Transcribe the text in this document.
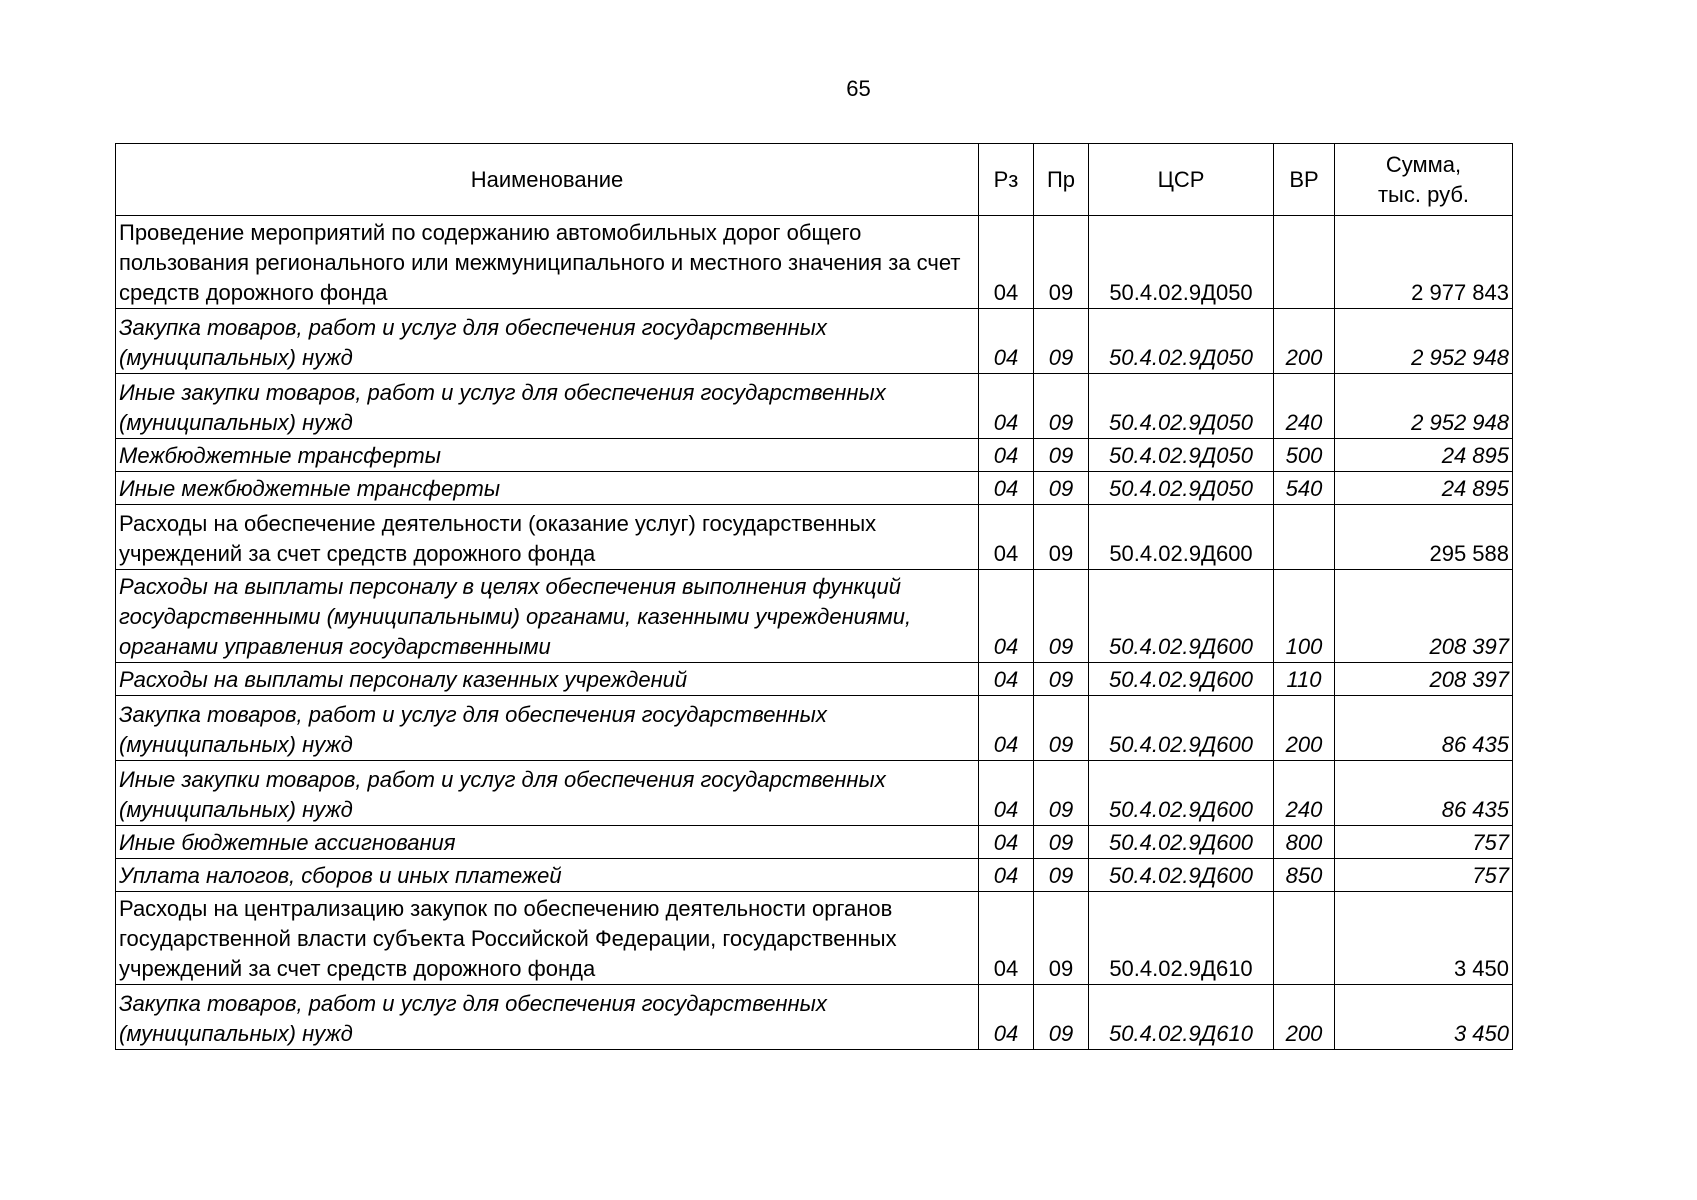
65
Наименование	Рз	Пр	ЦСР	ВР	Сумма,
тыс. руб.
Проведение мероприятий по содержанию автомобильных дорог общего пользования регионального или межмуниципального и местного значения за счет средств дорожного фонда	04	09	50.4.02.9Д050		2 977 843
Закупка товаров, работ и услуг для обеспечения государственных (муниципальных) нужд	04	09	50.4.02.9Д050	200	2 952 948
Иные закупки товаров, работ и услуг для обеспечения государственных (муниципальных) нужд	04	09	50.4.02.9Д050	240	2 952 948
Межбюджетные трансферты	04	09	50.4.02.9Д050	500	24 895
Иные межбюджетные трансферты	04	09	50.4.02.9Д050	540	24 895
Расходы на обеспечение деятельности (оказание услуг) государственных учреждений за счет средств дорожного фонда	04	09	50.4.02.9Д600		295 588
Расходы на выплаты персоналу в целях обеспечения выполнения функций государственными (муниципальными) органами, казенными учреждениями, органами управления государственными	04	09	50.4.02.9Д600	100	208 397
Расходы на выплаты персоналу казенных учреждений	04	09	50.4.02.9Д600	110	208 397
Закупка товаров, работ и услуг для обеспечения государственных (муниципальных) нужд	04	09	50.4.02.9Д600	200	86 435
Иные закупки товаров, работ и услуг для обеспечения государственных (муниципальных) нужд	04	09	50.4.02.9Д600	240	86 435
Иные бюджетные ассигнования	04	09	50.4.02.9Д600	800	757
Уплата налогов, сборов и иных платежей	04	09	50.4.02.9Д600	850	757
Расходы на централизацию закупок по обеспечению деятельности органов государственной власти субъекта Российской Федерации, государственных учреждений за счет средств дорожного фонда	04	09	50.4.02.9Д610		3 450
Закупка товаров, работ и услуг для обеспечения государственных (муниципальных) нужд	04	09	50.4.02.9Д610	200	3 450
